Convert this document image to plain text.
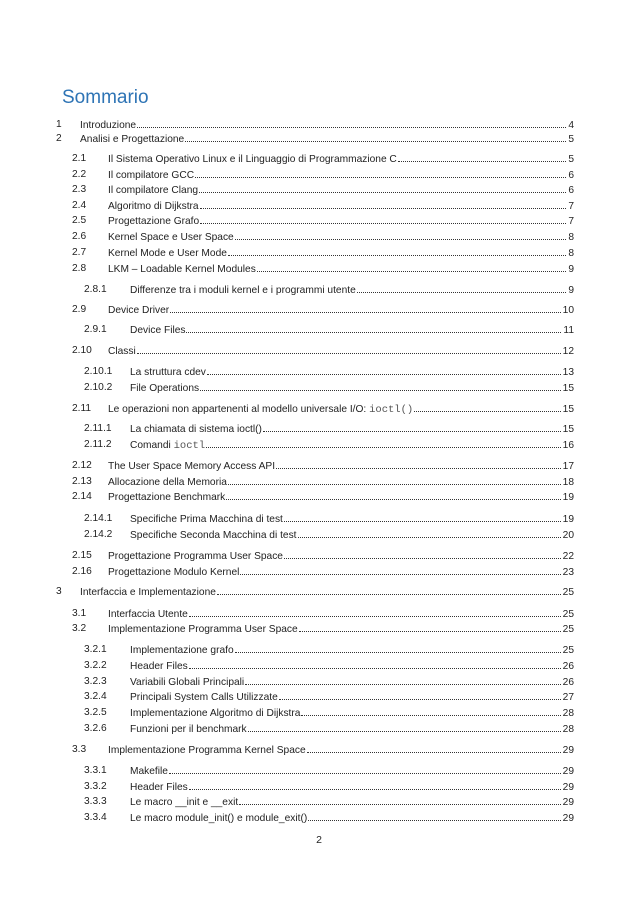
Sommario
1 Introduzione	4
2 Analisi e Progettazione	5
2.1 Il Sistema Operativo Linux e il Linguaggio di Programmazione C	5
2.2 Il compilatore GCC	6
2.3 Il compilatore Clang	6
2.4 Algoritmo di Dijkstra	7
2.5 Progettazione Grafo	7
2.6 Kernel Space e User Space	8
2.7 Kernel Mode e User Mode	8
2.8 LKM – Loadable Kernel Modules	9
2.8.1 Differenze tra i moduli kernel e i programmi utente	9
2.9 Device Driver	10
2.9.1 Device Files	11
2.10 Classi	12
2.10.1 La struttura cdev	13
2.10.2 File Operations	15
2.11 Le operazioni non appartenenti al modello universale I/O: ioctl()	15
2.11.1 La chiamata di sistema ioctl()	15
2.11.2 Comandi ioctl	16
2.12 The User Space Memory Access API	17
2.13 Allocazione della Memoria	18
2.14 Progettazione Benchmark	19
2.14.1 Specifiche Prima Macchina di test	19
2.14.2 Specifiche Seconda Macchina di test	20
2.15 Progettazione Programma User Space	22
2.16 Progettazione Modulo Kernel	23
3 Interfaccia e Implementazione	25
3.1 Interfaccia Utente	25
3.2 Implementazione Programma User Space	25
3.2.1 Implementazione grafo	25
3.2.2 Header Files	26
3.2.3 Variabili Globali Principali	26
3.2.4 Principali System Calls Utilizzate	27
3.2.5 Implementazione Algoritmo di Dijkstra	28
3.2.6 Funzioni per il benchmark	28
3.3 Implementazione Programma Kernel Space	29
3.3.1 Makefile	29
3.3.2 Header Files	29
3.3.3 Le macro __init e __exit	29
3.3.4 Le macro module_init() e module_exit()	29
2
